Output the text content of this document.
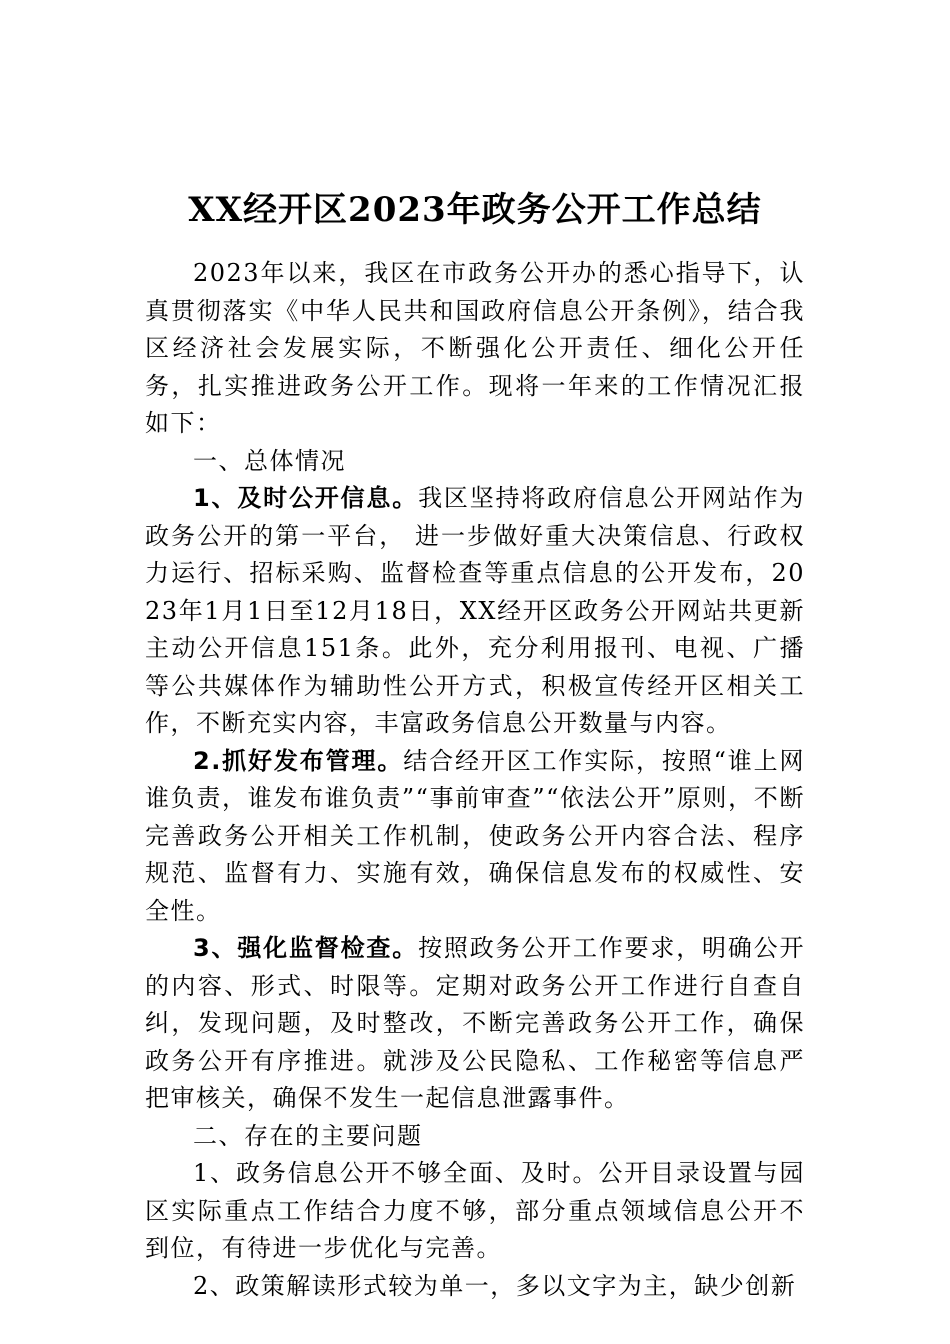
XX经开区2023年政务公开工作总结

2023年以来，我区在市政务公开办的悉心指导下，认真贯彻落实《中华人民共和国政府信息公开条例》，结合我区经济社会发展实际，不断强化公开责任、细化公开任务，扎实推进政务公开工作。现将一年来的工作情况汇报如下：

一、总体情况

1、及时公开信息。我区坚持将政府信息公开网站作为政务公开的第一平台， 进一步做好重大决策信息、行政权力运行、招标采购、监督检查等重点信息的公开发布，2023年1月1日至12月18日，XX经开区政务公开网站共更新主动公开信息151条。此外，充分利用报刊、电视、广播等公共媒体作为辅助性公开方式，积极宣传经开区相关工作，不断充实内容，丰富政务信息公开数量与内容。

2.抓好发布管理。结合经开区工作实际，按照“谁上网谁负责，谁发布谁负责”“事前审查”“依法公开”原则，不断完善政务公开相关工作机制，使政务公开内容合法、程序规范、监督有力、实施有效，确保信息发布的权威性、安全性。

3、强化监督检查。按照政务公开工作要求，明确公开的内容、形式、时限等。定期对政务公开工作进行自查自纠，发现问题，及时整改，不断完善政务公开工作，确保政务公开有序推进。就涉及公民隐私、工作秘密等信息严把审核关，确保不发生一起信息泄露事件。

二、存在的主要问题

1、政务信息公开不够全面、及时。公开目录设置与园区实际重点工作结合力度不够，部分重点领域信息公开不到位，有待进一步优化与完善。

2、政策解读形式较为单一，多以文字为主，缺少创新
